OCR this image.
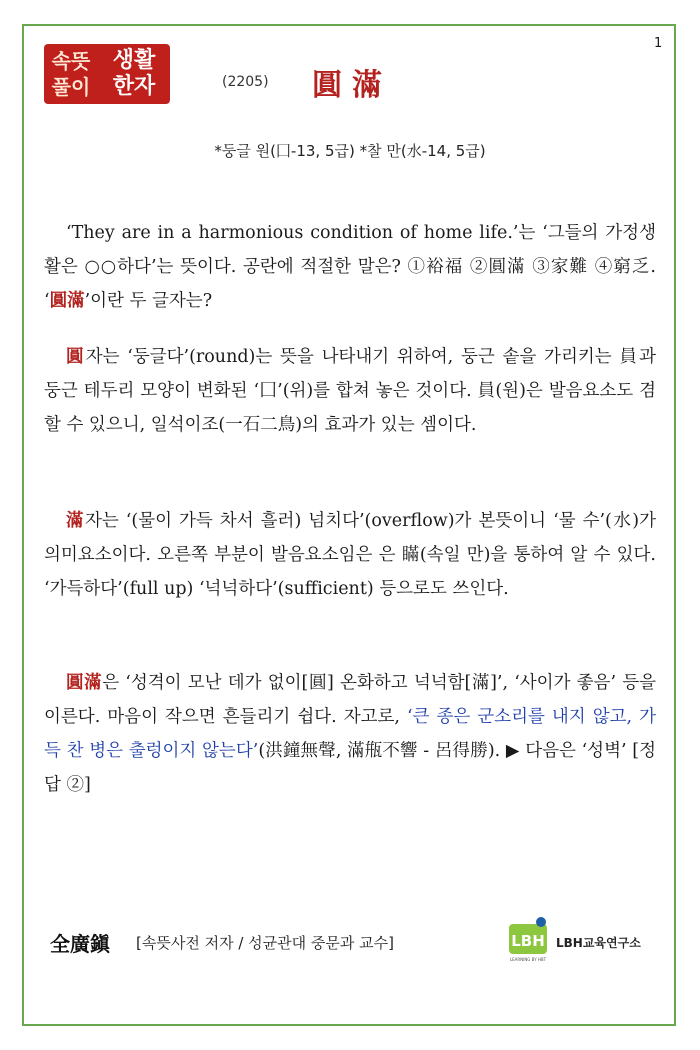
1
속뜻
풀이
생활
한자	(2205) 圓滿
*둥글 원(囗-13, 5급) *찰 만(水-14, 5급)

‘They are in a harmonious condition of home life.’는 ‘그들의 가정생활은 ○○하다’는 뜻이다. 공란에 적절한 말은? ①裕福 ②圓滿 ③家難 ④窮乏. ‘圓滿’이란 두 글자는?

圓자는 ‘둥글다’(round)는 뜻을 나타내기 위하여, 둥근 솥을 가리키는 員과 둥근 테두리 모양이 변화된 ‘囗’(위)를 합쳐 놓은 것이다. 員(원)은 발음요소도 겸할 수 있으니, 일석이조(一石二鳥)의 효과가 있는 셈이다.

滿자는 ‘(물이 가득 차서 흘러) 넘치다’(overflow)가 본뜻이니 ‘물 수’(水)가 의미요소이다. 오른쪽 부분이 발음요소임은 은 瞞(속일 만)을 통하여 알 수 있다. ‘가득하다’(full up) ‘넉넉하다’(sufficient) 등으로도 쓰인다.

圓滿은 ‘성격이 모난 데가 없이[圓] 온화하고 넉넉함[滿]’, ‘사이가 좋음’ 등을 이른다. 마음이 작으면 흔들리기 쉽다. 자고로, ‘큰 종은 군소리를 내지 않고, 가득 찬 병은 출렁이지 않는다’(洪鐘無聲, 滿甁不響 - 呂得勝). ▶ 다음은 ‘성벽’ [정답 ②]

全廣鎭 [속뜻사전 저자 / 성균관대 중문과 교수]	LBH
LEARNING BY HBT
LBH교육연구소
